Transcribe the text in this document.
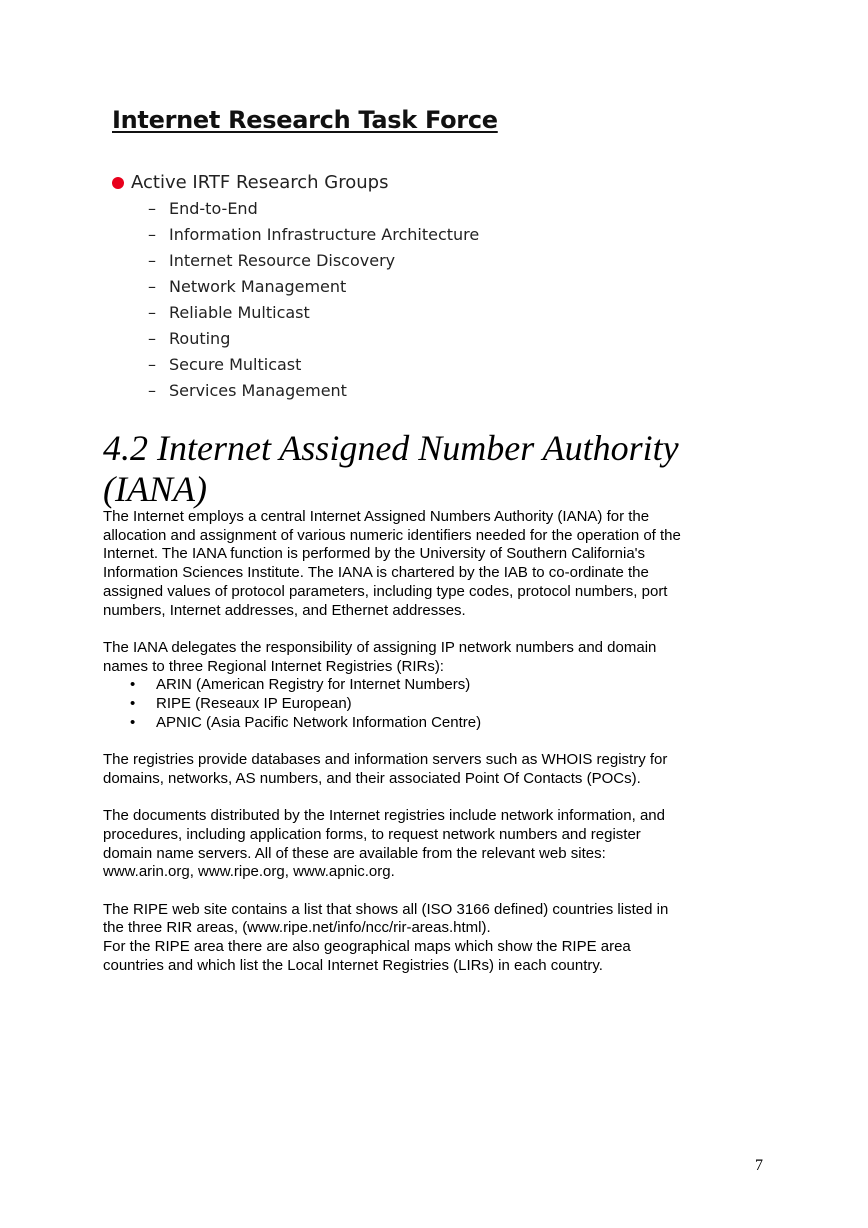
Internet Research Task Force
Active IRTF Research Groups
– End-to-End
– Information Infrastructure Architecture
– Internet Resource Discovery
– Network Management
– Reliable Multicast
– Routing
– Secure Multicast
– Services Management
4.2 Internet Assigned Number Authority (IANA)

The Internet employs a central Internet Assigned Numbers Authority (IANA) for the allocation and assignment of various numeric identifiers needed for the operation of the Internet. The IANA function is performed by the University of Southern California's Information Sciences Institute. The IANA is chartered by the IAB to co-ordinate the assigned values of protocol parameters, including type codes, protocol numbers, port numbers, Internet addresses, and Ethernet addresses.

The IANA delegates the responsibility of assigning IP network numbers and domain names to three Regional Internet Registries (RIRs):

• ARIN (American Registry for Internet Numbers)
• RIPE (Reseaux IP European)
• APNIC (Asia Pacific Network Information Centre)

The registries provide databases and information servers such as WHOIS registry for domains, networks, AS numbers, and their associated Point Of Contacts (POCs).

The documents distributed by the Internet registries include network information, and procedures, including application forms, to request network numbers and register domain name servers. All of these are available from the relevant web sites: www.arin.org, www.ripe.org, www.apnic.org.

The RIPE web site contains a list that shows all (ISO 3166 defined) countries listed in the three RIR areas, (www.ripe.net/info/ncc/rir-areas.html).

For the RIPE area there are also geographical maps which show the RIPE area countries and which list the Local Internet Registries (LIRs) in each country.

7
